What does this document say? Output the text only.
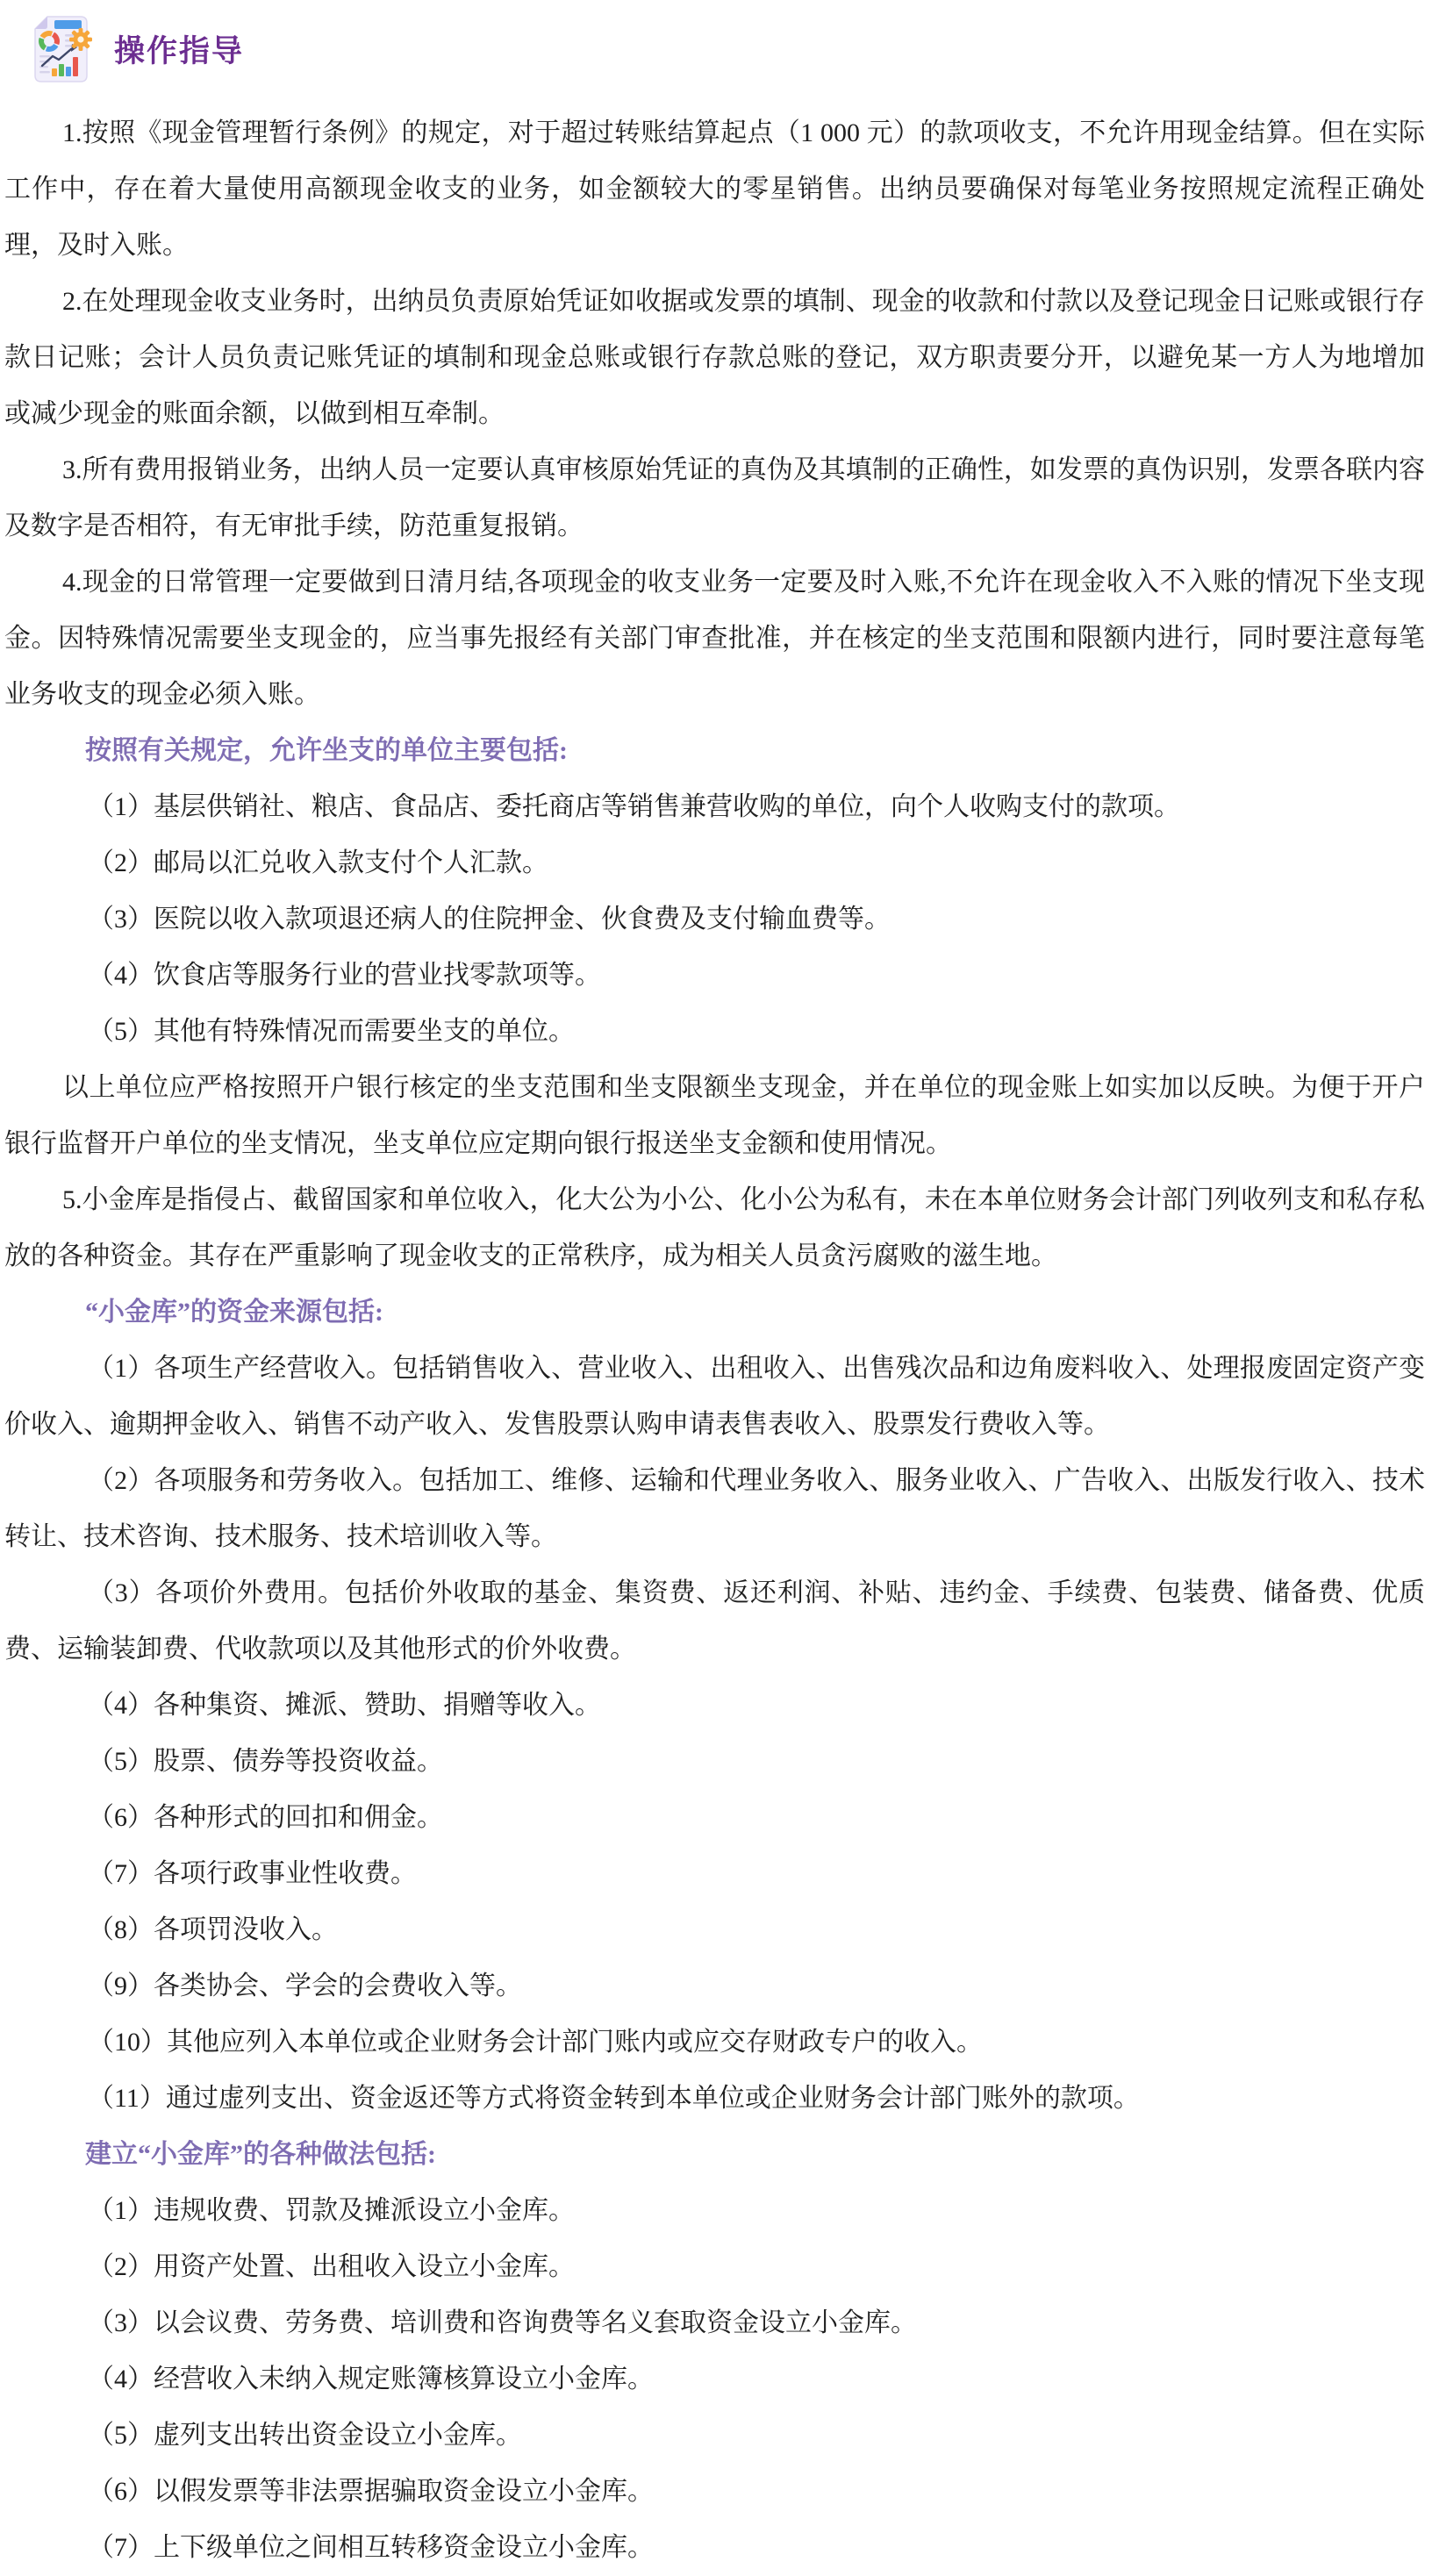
操作指导

1.按照《现金管理暂行条例》的规定，对于超过转账结算起点（1 000 元）的款项收支，不允许用现金结算。但在实际工作中，存在着大量使用高额现金收支的业务，如金额较大的零星销售。出纳员要确保对每笔业务按照规定流程正确处理，及时入账。

2.在处理现金收支业务时，出纳员负责原始凭证如收据或发票的填制、现金的收款和付款以及登记现金日记账或银行存款日记账；会计人员负责记账凭证的填制和现金总账或银行存款总账的登记，双方职责要分开，以避免某一方人为地增加或减少现金的账面余额，以做到相互牵制。

3.所有费用报销业务，出纳人员一定要认真审核原始凭证的真伪及其填制的正确性，如发票的真伪识别，发票各联内容及数字是否相符，有无审批手续，防范重复报销。

4.现金的日常管理一定要做到日清月结,各项现金的收支业务一定要及时入账,不允许在现金收入不入账的情况下坐支现金。因特殊情况需要坐支现金的，应当事先报经有关部门审查批准，并在核定的坐支范围和限额内进行，同时要注意每笔业务收支的现金必须入账。

按照有关规定，允许坐支的单位主要包括:

（1）基层供销社、粮店、食品店、委托商店等销售兼营收购的单位，向个人收购支付的款项。

（2）邮局以汇兑收入款支付个人汇款。

（3）医院以收入款项退还病人的住院押金、伙食费及支付输血费等。

（4）饮食店等服务行业的营业找零款项等。

（5）其他有特殊情况而需要坐支的单位。

以上单位应严格按照开户银行核定的坐支范围和坐支限额坐支现金，并在单位的现金账上如实加以反映。为便于开户银行监督开户单位的坐支情况，坐支单位应定期向银行报送坐支金额和使用情况。

5.小金库是指侵占、截留国家和单位收入，化大公为小公、化小公为私有，未在本单位财务会计部门列收列支和私存私放的各种资金。其存在严重影响了现金收支的正常秩序，成为相关人员贪污腐败的滋生地。

“小金库”的资金来源包括:

（1）各项生产经营收入。包括销售收入、营业收入、出租收入、出售残次品和边角废料收入、处理报废固定资产变价收入、逾期押金收入、销售不动产收入、发售股票认购申请表售表收入、股票发行费收入等。

（2）各项服务和劳务收入。包括加工、维修、运输和代理业务收入、服务业收入、广告收入、出版发行收入、技术转让、技术咨询、技术服务、技术培训收入等。

（3）各项价外费用。包括价外收取的基金、集资费、返还利润、补贴、违约金、手续费、包装费、储备费、优质费、运输装卸费、代收款项以及其他形式的价外收费。

（4）各种集资、摊派、赞助、捐赠等收入。

（5）股票、债券等投资收益。

（6）各种形式的回扣和佣金。

（7）各项行政事业性收费。

（8）各项罚没收入。

（9）各类协会、学会的会费收入等。

（10）其他应列入本单位或企业财务会计部门账内或应交存财政专户的收入。

（11）通过虚列支出、资金返还等方式将资金转到本单位或企业财务会计部门账外的款项。

建立“小金库”的各种做法包括:

（1）违规收费、罚款及摊派设立小金库。

（2）用资产处置、出租收入设立小金库。

（3）以会议费、劳务费、培训费和咨询费等名义套取资金设立小金库。

（4）经营收入未纳入规定账簿核算设立小金库。

（5）虚列支出转出资金设立小金库。

（6）以假发票等非法票据骗取资金设立小金库。

（7）上下级单位之间相互转移资金设立小金库。
